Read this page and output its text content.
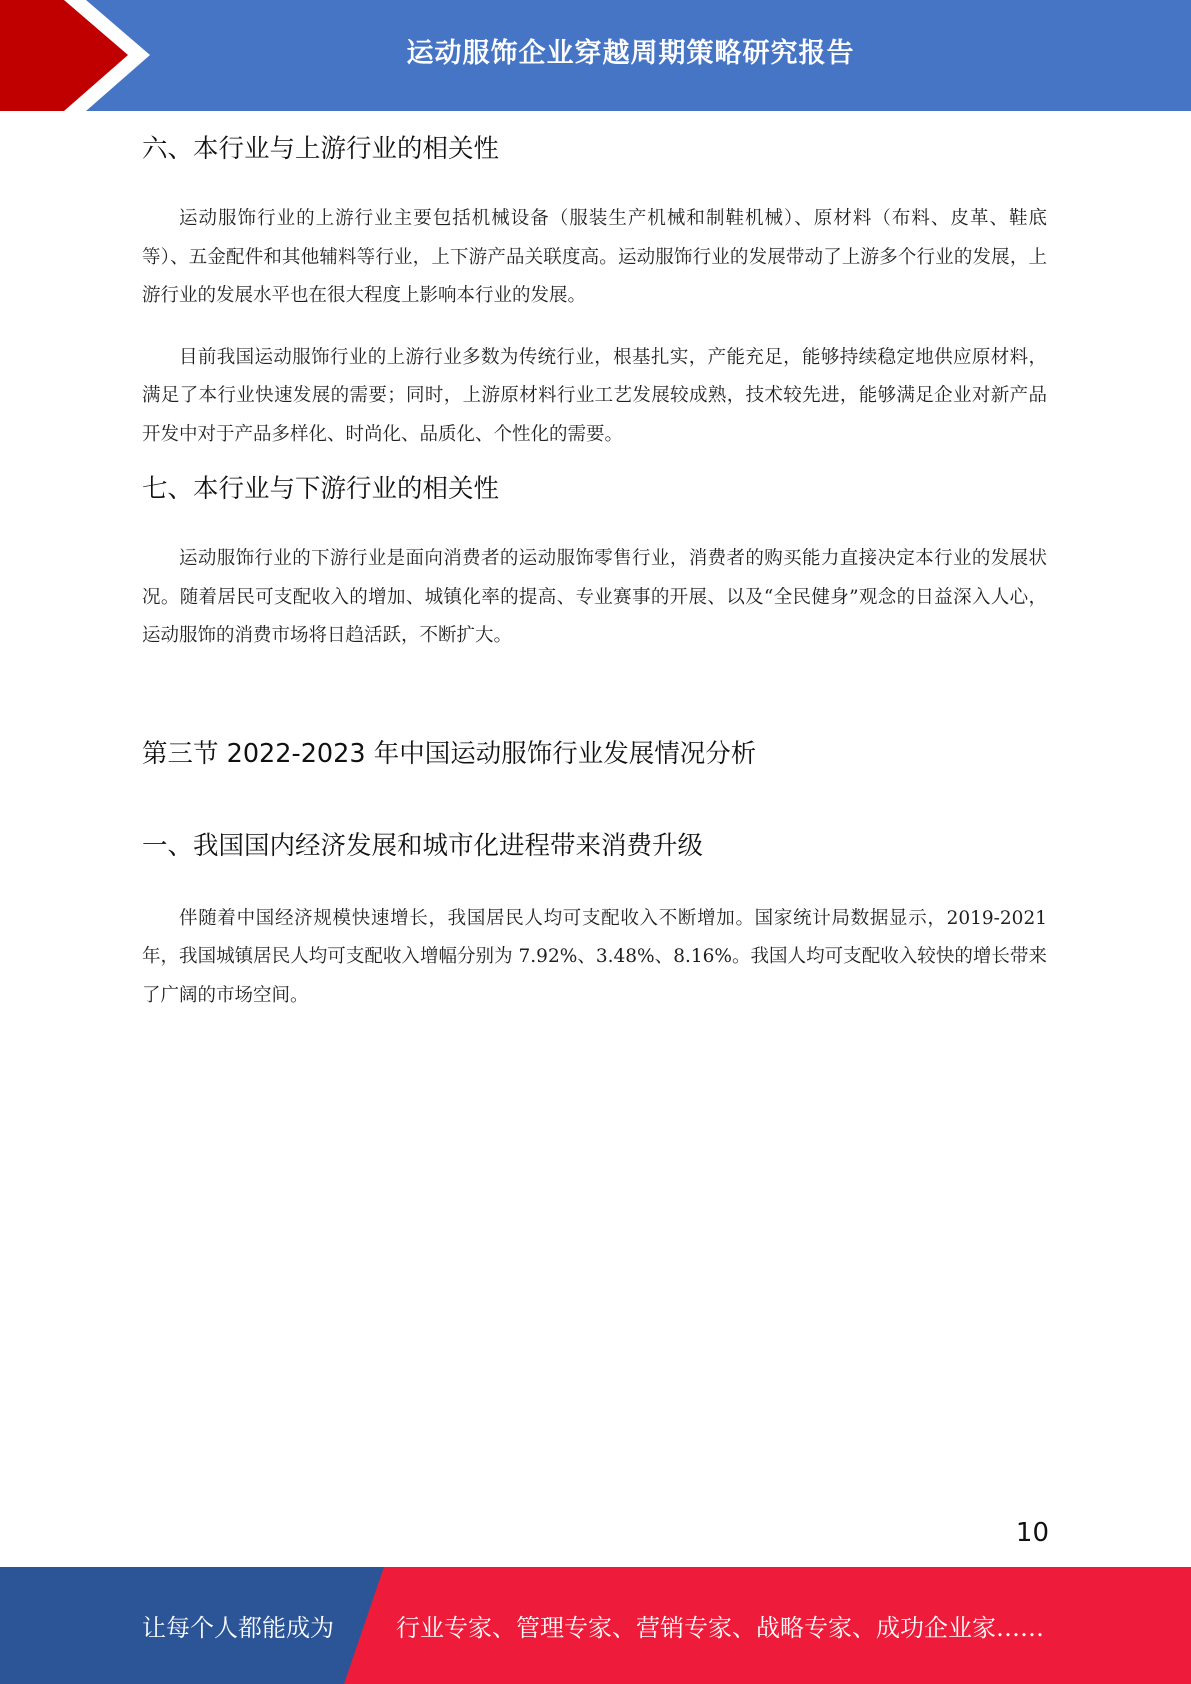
运动服饰企业穿越周期策略研究报告
六、本行业与上游行业的相关性

运动服饰行业的上游行业主要包括机械设备（服装生产机械和制鞋机械）、原材料（布料、皮革、鞋底等）、五金配件和其他辅料等行业，上下游产品关联度高。运动服饰行业的发展带动了上游多个行业的发展，上游行业的发展水平也在很大程度上影响本行业的发展。

目前我国运动服饰行业的上游行业多数为传统行业，根基扎实，产能充足，能够持续稳定地供应原材料，满足了本行业快速发展的需要；同时，上游原材料行业工艺发展较成熟，技术较先进，能够满足企业对新产品开发中对于产品多样化、时尚化、品质化、个性化的需要。

七、本行业与下游行业的相关性

运动服饰行业的下游行业是面向消费者的运动服饰零售行业，消费者的购买能力直接决定本行业的发展状况。随着居民可支配收入的增加、城镇化率的提高、专业赛事的开展、以及“全民健身”观念的日益深入人心，运动服饰的消费市场将日趋活跃，不断扩大。

第三节 2022-2023 年中国运动服饰行业发展情况分析
一、我国国内经济发展和城市化进程带来消费升级

伴随着中国经济规模快速增长，我国居民人均可支配收入不断增加。国家统计局数据显示，2019-2021 年，我国城镇居民人均可支配收入增幅分别为 7.92%、3.48%、8.16%。我国人均可支配收入较快的增长带来了广阔的市场空间。

10
让每个人都能成为	行业专家、管理专家、营销专家、战略专家、成功企业家……
